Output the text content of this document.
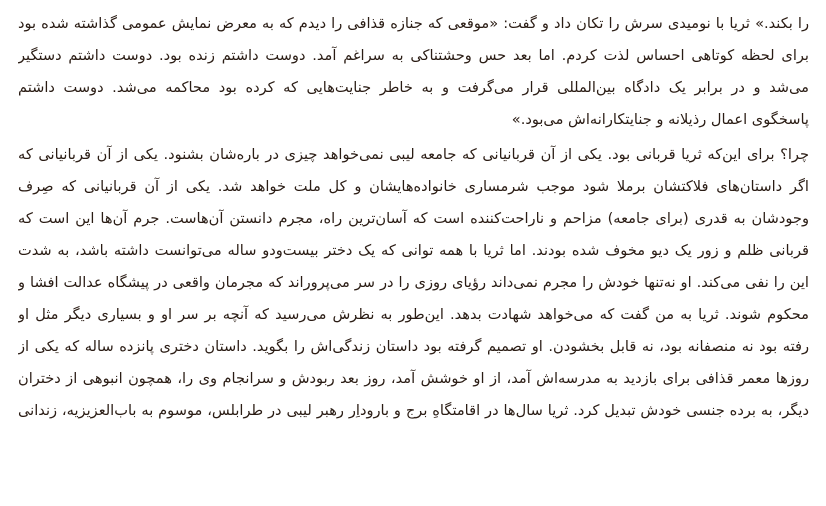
را بکند.» ثریا با نومیدی سرش را تکان داد و گفت: «موقعی که جنازه قذافی را دیدم که به معرض نمایش عمومی گذاشته شده بود
برای لحظه کوتاهی احساس لذت کردم. اما بعد حس وحشتناکی به سراغم آمد. دوست داشتم زنده بود. دوست داشتم دستگیر
می‌شد و در برابر یک دادگاه بین‌المللی قرار می‌گرفت و به خاطر جنایت‌هایی که کرده بود محاکمه می‌شد. دوست داشتم
پاسخگوی اعمال رذیلانه و جنایتکارانه‌اش می‌بود.»
چرا؟ برای این‌که ثریا قربانی بود. یکی از آن قربانیانی که جامعه لیبی نمی‌خواهد چیزی در باره‌شان بشنود. یکی از آن قربانیانی که
اگر داستان‌های فلاکتشان برملا شود موجب شرمساری خانواده‌هایشان و کل ملت خواهد شد. یکی از آن قربانیانی که صِرف
وجودشان به قدری (برای جامعه) مزاحم و ناراحت‌کننده است که آسان‌ترین راه، مجرم دانستن آن‌هاست. جرم آن‌ها این است که
قربانی ظلم و زور یک دیو مخوف شده بودند. اما ثریا با همه توانی که یک دختر بیست‌ودو ساله می‌توانست داشته باشد، به شدت
این را نفی می‌کند. او نه‌تنها خودش را مجرم نمی‌داند رؤیای روزی را در سر می‌پروراند که مجرمان واقعی در پیشگاه عدالت افشا و
محکوم شوند. ثریا به من گفت که می‌خواهد شهادت بدهد. این‌طور به نظرش می‌رسید که آنچه بر سر او و بسیاری دیگر مثل او
رفته بود نه منصفانه بود، نه قابل بخشودن. او تصمیم گرفته بود داستان زندگی‌اش را بگوید. داستان دختری پانزده ساله که یکی از
روزها معمر قذافی برای بازدید به مدرسه‌اش آمد، از او خوشش آمد، روز بعد ربودش و سرانجام وی را، همچون انبوهی از دختران
دیگر، به برده جنسی خودش تبدیل کرد. ثریا سال‌ها در اقامتگاهِ برج و باروداِر رهبر لیبی در طرابلس، موسوم به باب‌العزیزیه، زندانی
